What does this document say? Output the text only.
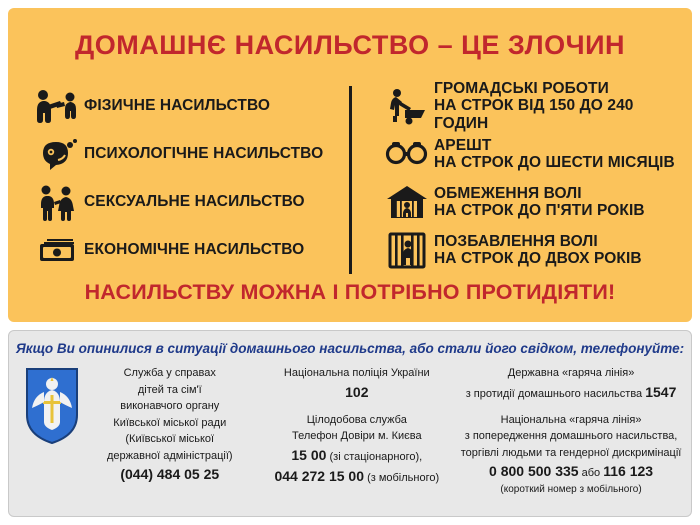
ДОМАШНЄ НАСИЛЬСТВО – ЦЕ ЗЛОЧИН
ФІЗИЧНЕ НАСИЛЬСТВО
ПСИХОЛОГІЧНЕ НАСИЛЬСТВО
СЕКСУАЛЬНЕ НАСИЛЬСТВО
ЕКОНОМІЧНЕ НАСИЛЬСТВО
ГРОМАДСЬКІ РОБОТИ
НА СТРОК ВІД 150 ДО 240 ГОДИН
АРЕШТ
НА СТРОК ДО ШЕСТИ МІСЯЦІВ
ОБМЕЖЕННЯ ВОЛІ
НА СТРОК ДО П'ЯТИ РОКІВ
ПОЗБАВЛЕННЯ ВОЛІ
НА СТРОК ДО ДВОХ РОКІВ
НАСИЛЬСТВУ МОЖНА І ПОТРІБНО ПРОТИДІЯТИ!
Якщо Ви опинилися в ситуації домашнього насильства, або стали його свідком, телефонуйте:
Служба у справах
дітей та сім'ї
виконавчого органу
Київської міської ради
(Київської міської
державної адміністрації)
(044) 484 05 25
Національна поліція України
102
Цілодобова служба
Телефон Довіри м. Києва
15 00 (зі стаціонарного),
044 272 15 00 (з мобільного)
Державна «гаряча лінія»
з протидії домашнього насильства 1547
Національна «гаряча лінія»
з попередження домашнього насильства,
торгівлі людьми та гендерної дискримінації
0 800 500 335 або 116 123
(короткий номер з мобільного)
